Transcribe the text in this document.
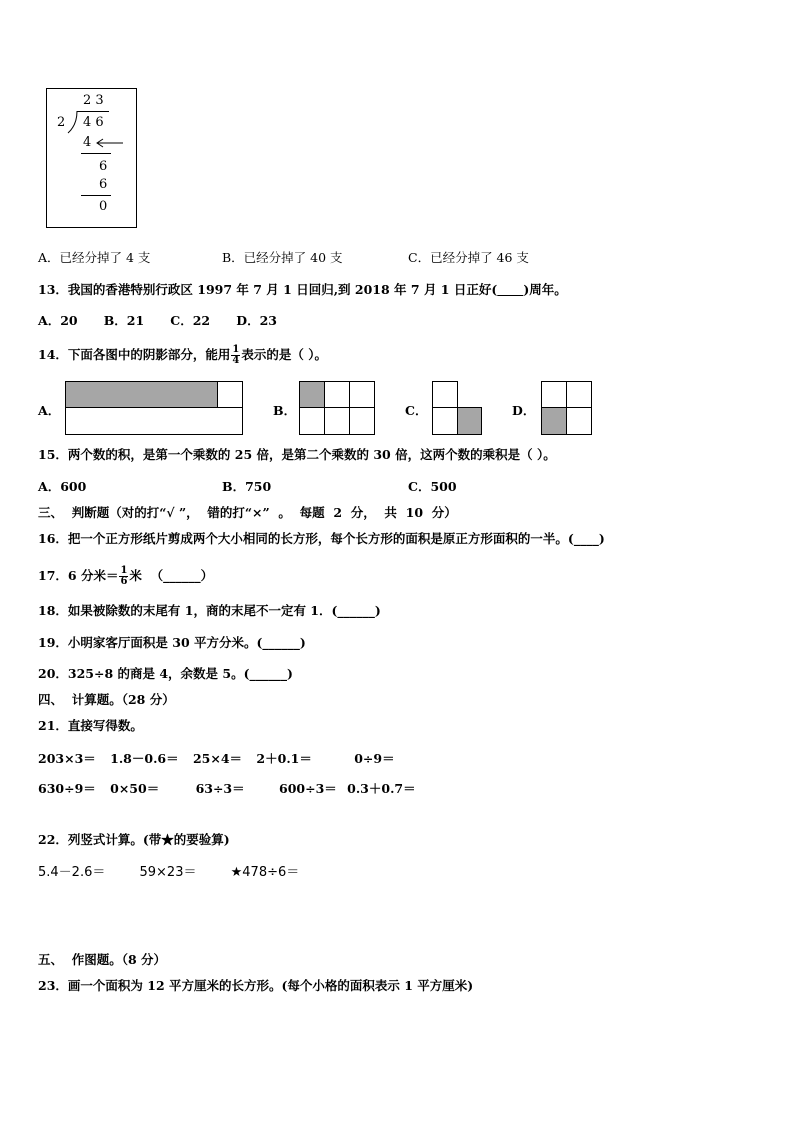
2 3
2 4 6
4
6
6
0
A．已经分掉了 4 支	B．已经分掉了 40 支	C．已经分掉了 46 支
13．我国的香港特别行政区 1997 年 7 月 1 日回归,到 2018 年 7 月 1 日正好( )周年。
A．20      B．21      C．22      D．23
14．下面各图中的阴影部分，能用 $\frac{1}{4}$ 表示的是（ ）。
A．	B．	C．	D．
15．两个数的积，是第一个乘数的 25 倍，是第二个乘数的 30 倍，这两个数的乘积是（ ）。
A．600	B．750	C．500
三、  判断题（对的打“√ ”，  错的打“×”  。  每题  2  分，  共  10  分）
16．把一个正方形纸片剪成两个大小相同的长方形，每个长方形的面积是原正方形面积的一半。(____)
17．6 分米＝ $\frac{1}{6}$ 米  （______）
18．如果被除数的末尾有 1，商的末尾不一定有 1．(______)
19．小明家客厅面积是 30 平方分米。(______)
20．325÷8 的商是 4，余数是 5。(______)
四、  计算题。（28 分）
21．直接写得数。
203×3＝ 1.8－0.6＝ 25×4＝ 2＋0.1＝	0÷9＝
630÷9＝ 0×50＝	63÷3＝	600÷3＝ 0.3＋0.7＝
22．列竖式计算。(带★的要验算)
5.4－2.6＝	59×23＝	★478÷6＝
五、  作图题。（8 分）
23．画一个面积为 12 平方厘米的长方形。(每个小格的面积表示 1 平方厘米)
